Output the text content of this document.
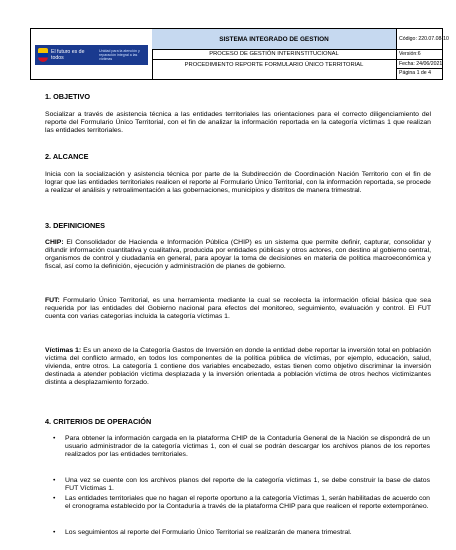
El futuro es de todos
Unidad para la atención y reparación integral a las víctimas
SISTEMA INTEGRADO DE GESTION
PROCESO DE GESTIÓN INTERINSTITUCIONAL
PROCEDIMIENTO REPORTE FORMULARIO ÚNICO TERRITORIAL
Código: 220.07.08-10
Versión:6
Fecha: 24/06/2021
Página 1 de 4
1. OBJETIVO
Socializar a través de asistencia técnica a las entidades territoriales las orientaciones para el correcto diligenciamiento del reporte del Formulario Único Territorial, con el fin de analizar la información reportada en la categoría víctimas 1 que realizan las entidades territoriales.
2. ALCANCE
Inicia con la socialización y asistencia técnica por parte de la Subdirección de Coordinación Nación Territorio con el fin de lograr que las entidades territoriales realicen el reporte al Formulario Único Territorial, con la información reportada, se procede a realizar el análisis y retroalimentación a las gobernaciones, municipios y distritos de manera trimestral.
3. DEFINICIONES
CHIP: El Consolidador de Hacienda e Información Pública (CHIP) es un sistema que permite definir, capturar, consolidar y difundir información cuantitativa y cualitativa, producida por entidades públicas y otros actores, con destino al gobierno central, organismos de control y ciudadanía en general, para apoyar la toma de decisiones en materia de política macroeconómica y fiscal, así como la definición, ejecución y administración de planes de gobierno.
FUT: Formulario Único Territorial, es una herramienta mediante la cual se recolecta la información oficial básica que sea requerida por las entidades del Gobierno nacional para efectos del monitoreo, seguimiento, evaluación y control. El FUT cuenta con varias categorías incluida la categoría víctimas 1.
Víctimas 1: Es un anexo de la Categoría Gastos de Inversión en donde la entidad debe reportar la inversión total en población víctima del conflicto armado, en todos los componentes de la política pública de víctimas, por ejemplo, educación, salud, vivienda, entre otros. La categoría 1 contiene dos variables encabezado, estas tienen como objetivo discriminar la inversión destinada a atender población víctima desplazada y la inversión orientada a población víctima de otros hechos victimizantes distinta a desplazamiento forzado.
4. CRITERIOS DE OPERACIÓN
• Para obtener la información cargada en la plataforma CHIP de la Contaduría General de la Nación se dispondrá de un usuario administrador de la categoría víctimas 1, con el cual se podrán descargar los archivos planos de los reportes realizados por las entidades territoriales.
• Una vez se cuente con los archivos planos del reporte de la categoría víctimas 1, se debe construir la base de datos FUT Víctimas 1.
• Las entidades territoriales que no hagan el reporte oportuno a la categoría Víctimas 1, serán habilitadas de acuerdo con el cronograma establecido por la Contaduría a través de la plataforma CHIP para que realicen el reporte extemporáneo.
• Los seguimientos al reporte del Formulario Único Territorial se realizarán de manera trimestral.
